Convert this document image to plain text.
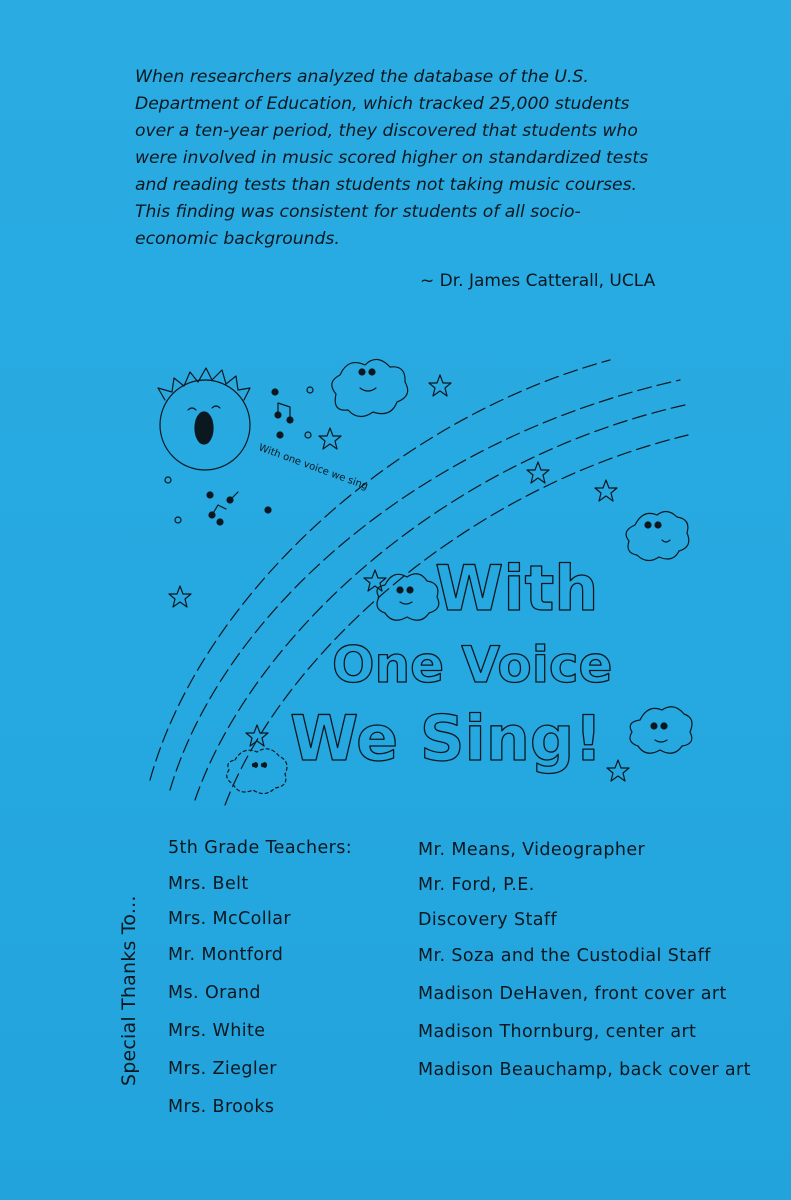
When researchers analyzed the database of the U.S.
Department of Education, which tracked 25,000 students
over a ten-year period, they discovered that students who
were involved in music scored higher on standardized tests
and reading tests than students not taking music courses.
This finding was consistent for students of all socio-
economic backgrounds.
~ Dr. James Catterall, UCLA
With one voice we sing
With
One Voice
We Sing!
Special Thanks To...
5th Grade Teachers:
Mrs. Belt
Mrs. McCollar
Mr. Montford
Ms. Orand
Mrs. White
Mrs. Ziegler
Mrs. Brooks
Mr. Means, Videographer
Mr. Ford, P.E.
Discovery Staff
Mr. Soza and the Custodial Staff
Madison DeHaven, front cover art
Madison Thornburg, center art
Madison Beauchamp, back cover art
